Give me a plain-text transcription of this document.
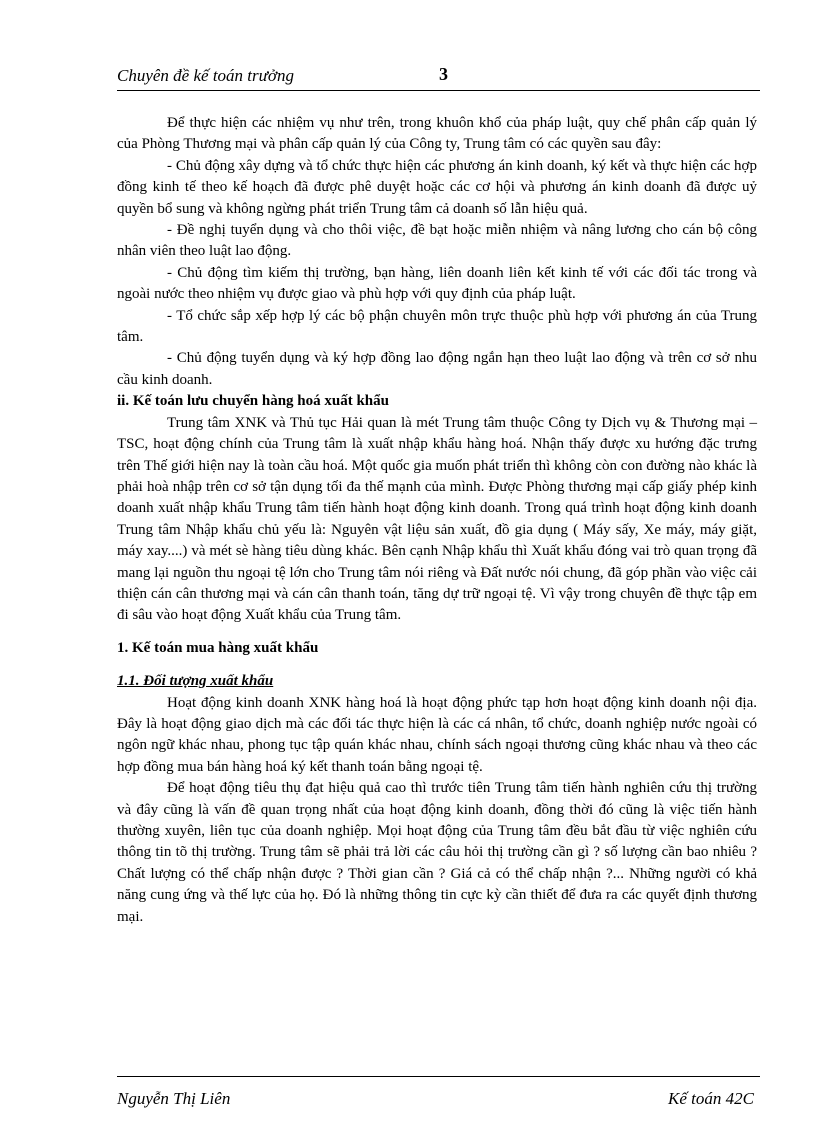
Chuyên đề kế toán trưởng	3

Để thực hiện các nhiệm vụ như trên, trong khuôn khổ của pháp luật, quy chế phân cấp quản lý của Phòng Thương mại và phân cấp quản lý của Công ty, Trung tâm có các quyền sau đây:

- Chủ động xây dựng và tổ chức thực hiện các phương án kinh doanh, ký kết và thực hiện các hợp đồng kinh tế theo kế hoạch đã được phê duyệt hoặc các cơ hội và phương án kinh doanh đã được uỷ quyền bổ sung và không ngừng phát triển Trung tâm cả doanh số lẫn hiệu quả.

- Đề nghị tuyển dụng và cho thôi việc, đề bạt hoặc miễn nhiệm và nâng lương cho cán bộ công nhân viên theo luật lao động.

- Chủ động tìm kiếm thị trường, bạn hàng, liên doanh liên kết kinh tế với các đối tác trong và ngoài nước theo nhiệm vụ được giao và phù hợp với quy định của pháp luật.

- Tổ chức sắp xếp hợp lý các bộ phận chuyên môn trực thuộc phù hợp với phương án của Trung tâm.

- Chủ động tuyển dụng và ký hợp đồng lao động ngắn hạn theo luật lao động và trên cơ sở nhu cầu kinh doanh.

ii. Kế toán lưu chuyển hàng hoá xuất khẩu

Trung tâm XNK và Thủ tục Hải quan là mét Trung tâm thuộc Công ty Dịch vụ & Thương mại – TSC, hoạt động chính của Trung tâm là xuất nhập khẩu hàng hoá. Nhận thấy được xu hướng đặc trưng trên Thế giới hiện nay là toàn cầu hoá. Một quốc gia muốn phát triển thì không còn con đường nào khác là phải hoà nhập trên cơ sở tận dụng tối đa thế mạnh của mình. Được Phòng thương mại cấp giấy phép kinh doanh xuất nhập khẩu Trung tâm tiến hành hoạt động kinh doanh. Trong quá trình hoạt động kinh doanh Trung tâm Nhập khẩu chủ yếu là: Nguyên vật liệu sản xuất, đồ gia dụng ( Máy sấy, Xe máy, máy giặt, máy xay....) và mét sè hàng tiêu dùng khác. Bên cạnh Nhập khẩu thì Xuất khẩu đóng vai trò quan trọng đã mang lại nguồn thu ngoại tệ lớn cho Trung tâm nói riêng và Đất nước nói chung, đã góp phần vào việc cải thiện cán cân thương mại và cán cân thanh toán, tăng dự trữ ngoại tệ. Vì vậy trong chuyên đề thực tập em đi sâu vào hoạt động Xuất khẩu của Trung tâm.

1. Kế toán mua hàng xuất khẩu

1.1. Đối tượng xuất khẩu

Hoạt động kinh doanh XNK hàng hoá là hoạt động phức tạp hơn hoạt động kinh doanh nội địa. Đây là hoạt động giao dịch mà các đối tác thực hiện là các cá nhân, tổ chức, doanh nghiệp nước ngoài có ngôn ngữ khác nhau, phong tục tập quán khác nhau, chính sách ngoại thương cũng khác nhau và theo các hợp đồng mua bán hàng hoá ký kết thanh toán bằng ngoại tệ.

Để hoạt động tiêu thụ đạt hiệu quả cao thì trước tiên Trung tâm tiến hành nghiên cứu thị trường và đây cũng là vấn đề quan trọng nhất của hoạt động kinh doanh, đồng thời đó cũng là việc tiến hành thường xuyên, liên tục của doanh nghiệp. Mọi hoạt động của Trung tâm đều bắt đầu từ việc nghiên cứu thông tin tõ thị trường. Trung tâm sẽ phải trả lời các câu hỏi thị trường cần gì ? số lượng cần bao nhiêu ? Chất lượng có thể chấp nhận được ? Thời gian cần ? Giá cả có thể chấp nhận ?... Những người có khả năng cung ứng và thế lực của họ. Đó là những thông tin cực kỳ cần thiết để đưa ra các quyết định thương mại.

Nguyễn Thị Liên	Kế toán 42C
